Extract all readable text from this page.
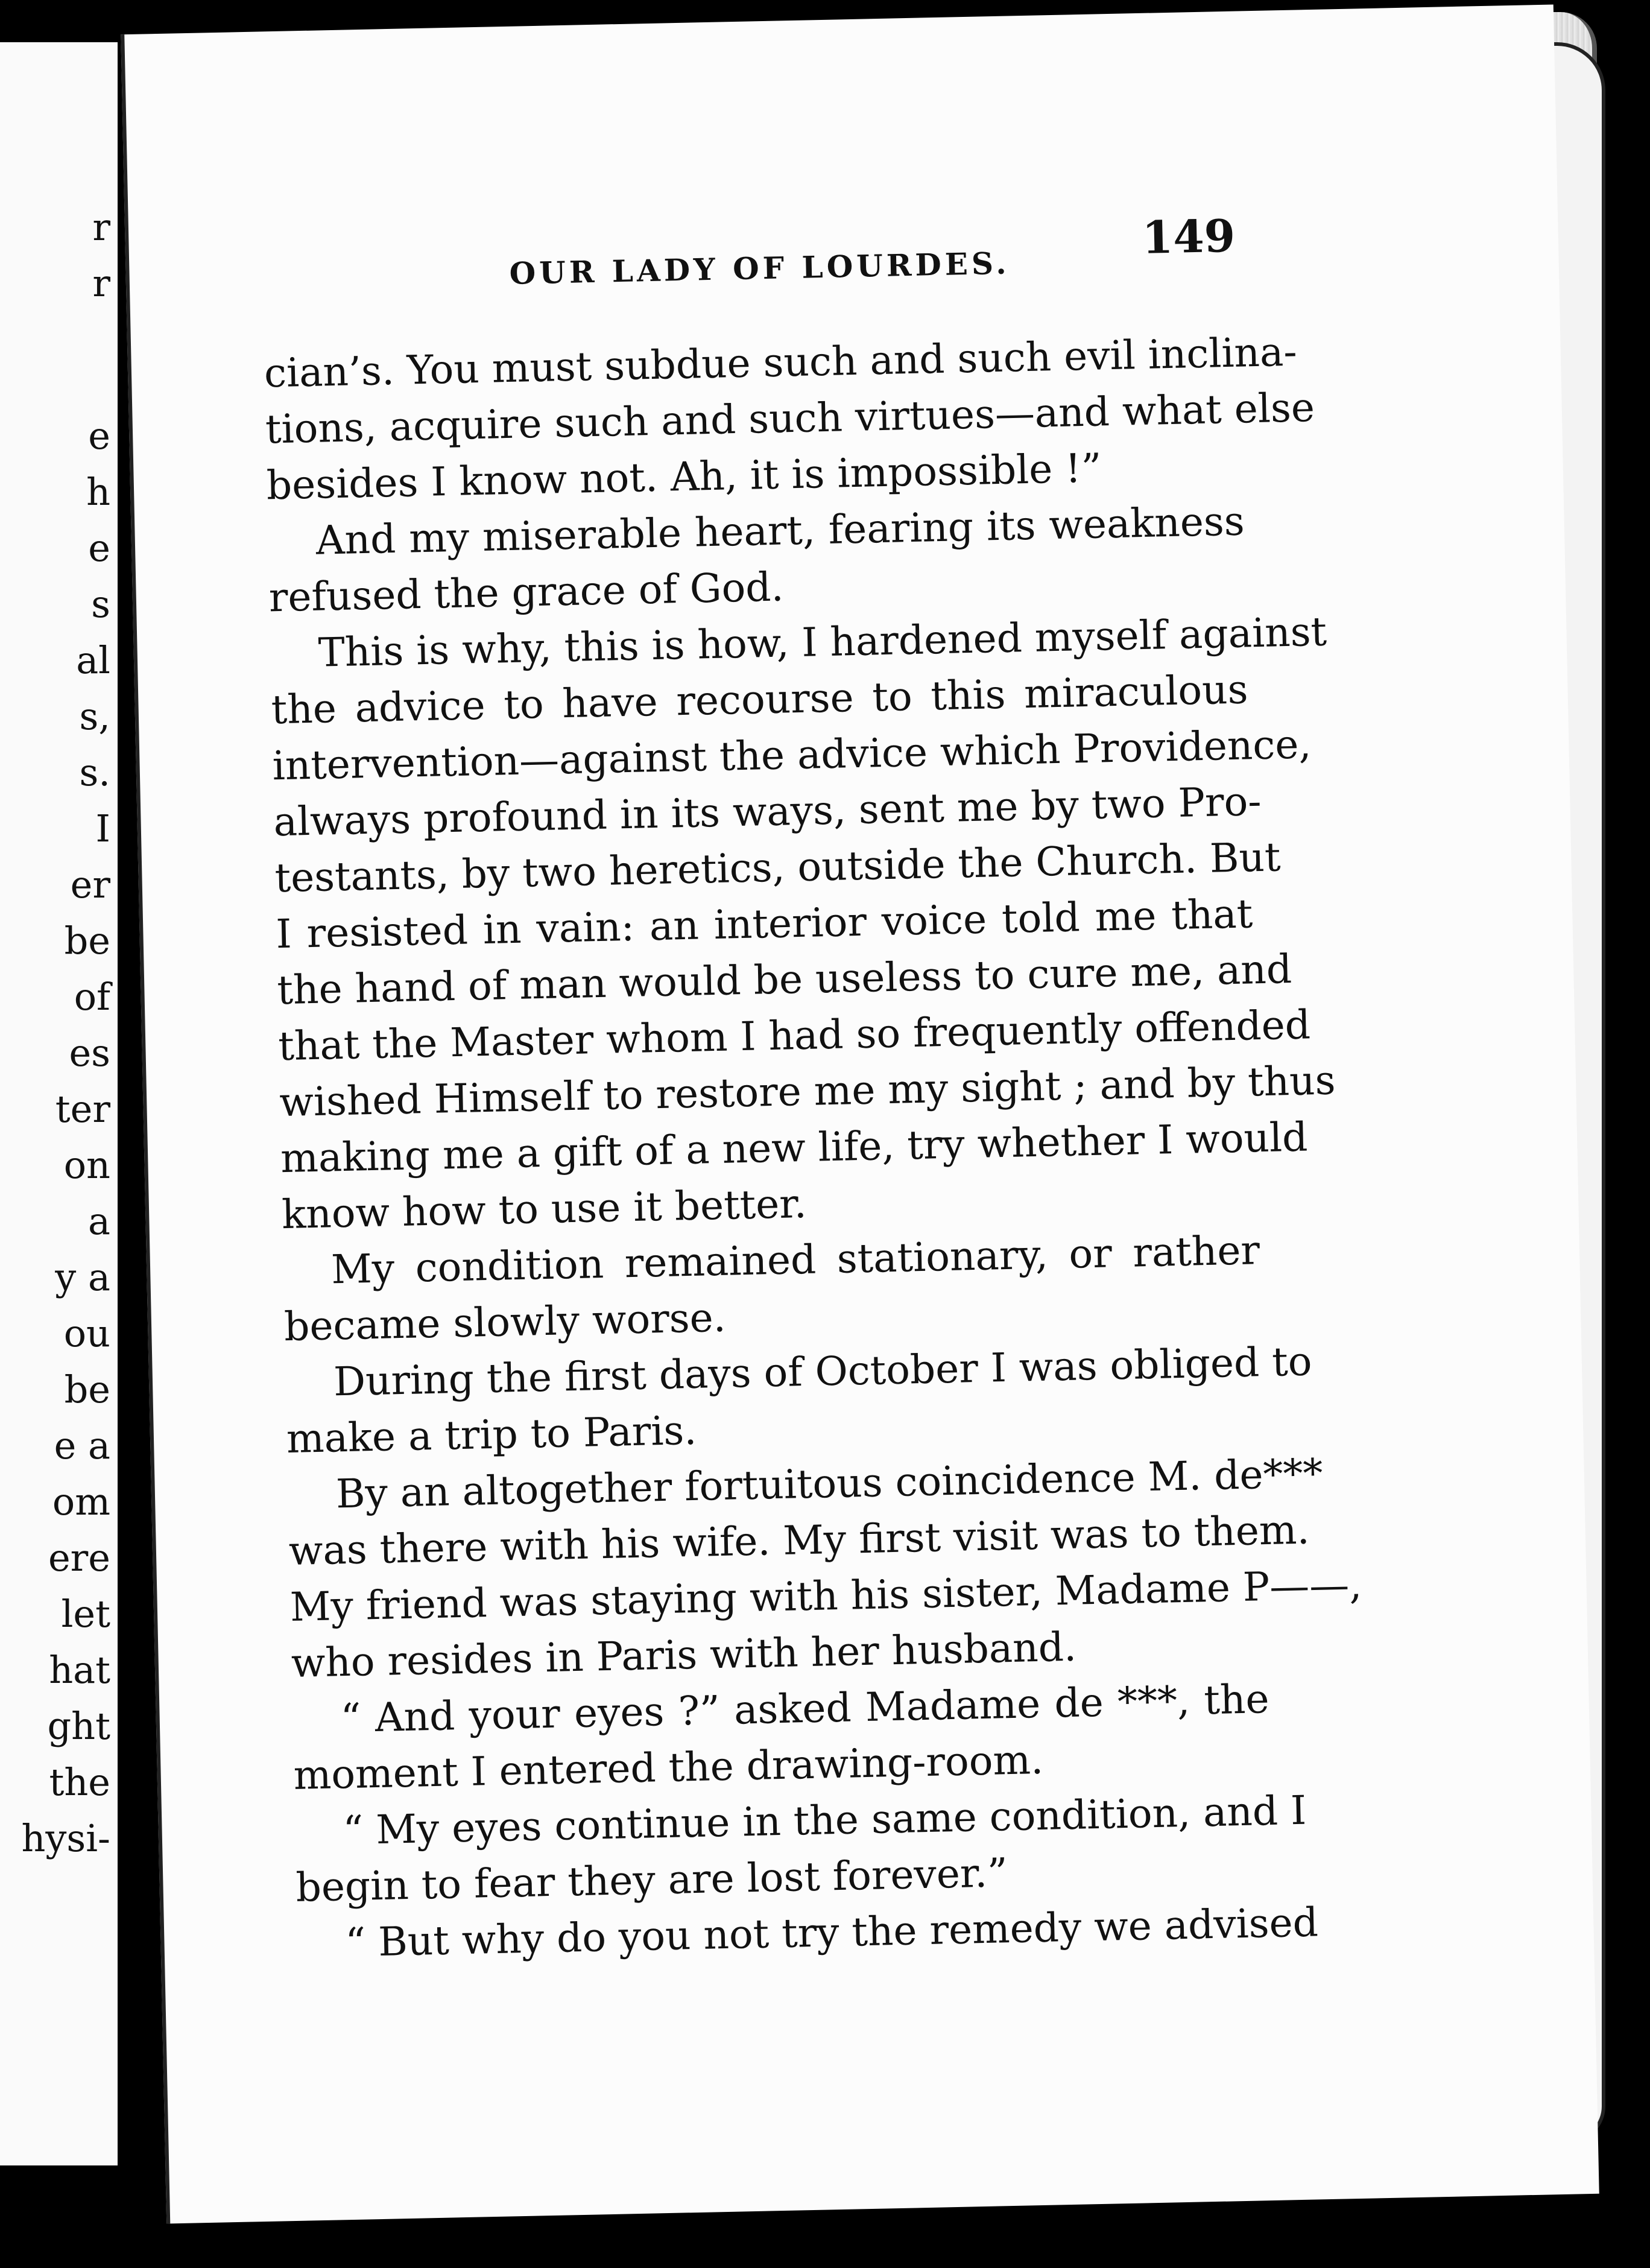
r
r
e
h
e
s
al
s,
s.
I
er
be
of
es
ter
on
a
y a
ou
be
e a
om
ere
let
hat
ght
the
hysi-
OUR LADY OF LOURDES.
149
cian’s. You must subdue such and such evil inclina-
tions, acquire such and such virtues—and what else
besides I know not. Ah, it is impossible !”
And my miserable heart, fearing its weakness
refused the grace of God.
This is why, this is how, I hardened myself against
the advice to have recourse to this miraculous
intervention—against the advice which Providence,
always profound in its ways, sent me by two Pro-
testants, by two heretics, outside the Church. But
I resisted in vain: an interior voice told me that
the hand of man would be useless to cure me, and
that the Master whom I had so frequently offended
wished Himself to restore me my sight ; and by thus
making me a gift of a new life, try whether I would
know how to use it better.
My condition remained stationary, or rather
became slowly worse.
During the first days of October I was obliged to
make a trip to Paris.
By an altogether fortuitous coincidence M. de***
was there with his wife. My first visit was to them.
My friend was staying with his sister, Madame P——,
who resides in Paris with her husband.
“ And your eyes ?” asked Madame de ***, the
moment I entered the drawing-room.
“ My eyes continue in the same condition, and I
begin to fear they are lost forever.”
“ But why do you not try the remedy we advised
